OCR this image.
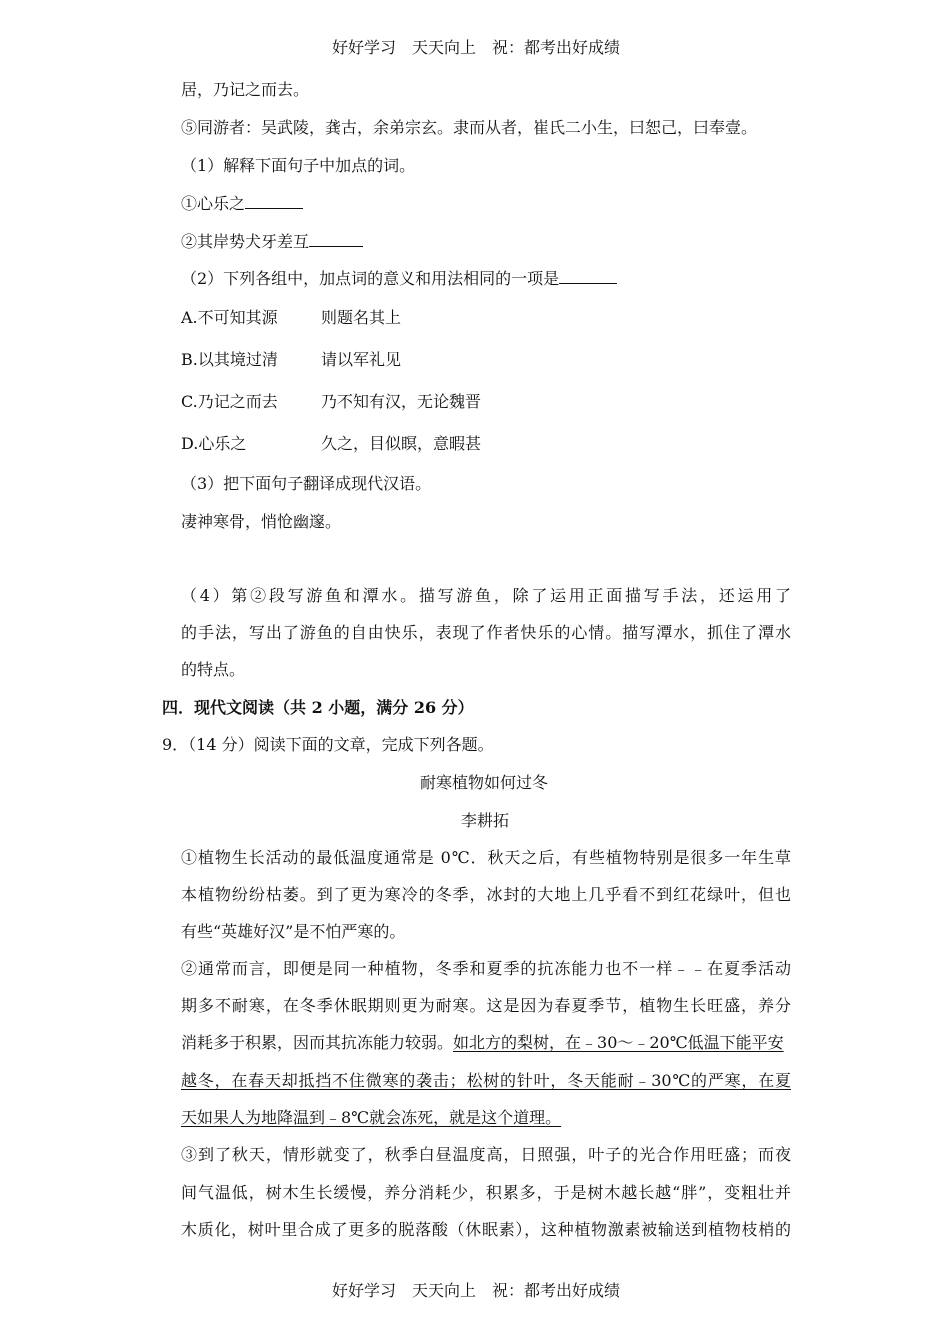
好好学习　天天向上　祝：都考出好成绩
居，乃记之而去。
⑤同游者：吴武陵，龚古，余弟宗玄。隶而从者，崔氏二小生，曰恕己，曰奉壹。
（1）解释下面句子中加点的词。
①心乐之
②其岸势犬牙差互
（2）下列各组中，加点词的意义和用法相同的一项是
A.不可知其源	则题名其上
B.以其境过清	请以军礼见
C.乃记之而去	乃不知有汉，无论魏晋
D.心乐之	久之，目似瞑，意暇甚
（3）把下面句子翻译成现代汉语。
凄神寒骨，悄怆幽邃。
（4）第②段写游鱼和潭水。描写游鱼，除了运用正面描写手法，还运用了
的手法，写出了游鱼的自由快乐，表现了作者快乐的心情。描写潭水，抓住了潭水
的特点。
四．现代文阅读（共 2 小题，满分 26 分）
9．（14 分）阅读下面的文章，完成下列各题。
耐寒植物如何过冬
李耕拓
①植物生长活动的最低温度通常是 0℃．秋天之后，有些植物特别是很多一年生草
本植物纷纷枯萎。到了更为寒冷的冬季，冰封的大地上几乎看不到红花绿叶，但也
有些“英雄好汉”是不怕严寒的。
②通常而言，即便是同一种植物，冬季和夏季的抗冻能力也不一样﹣﹣在夏季活动
期多不耐寒，在冬季休眠期则更为耐寒。这是因为春夏季节，植物生长旺盛，养分
消耗多于积累，因而其抗冻能力较弱。如北方的梨树，在﹣30～﹣20℃低温下能平安
越冬，在春天却抵挡不住微寒的袭击；松树的针叶，冬天能耐﹣30℃的严寒，在夏
天如果人为地降温到﹣8℃就会冻死，就是这个道理。
③到了秋天，情形就变了，秋季白昼温度高，日照强，叶子的光合作用旺盛；而夜
间气温低，树木生长缓慢，养分消耗少，积累多，于是树木越长越“胖”，变粗壮并
木质化，树叶里合成了更多的脱落酸（休眠素），这种植物激素被输送到植物枝梢的
好好学习　天天向上　祝：都考出好成绩
